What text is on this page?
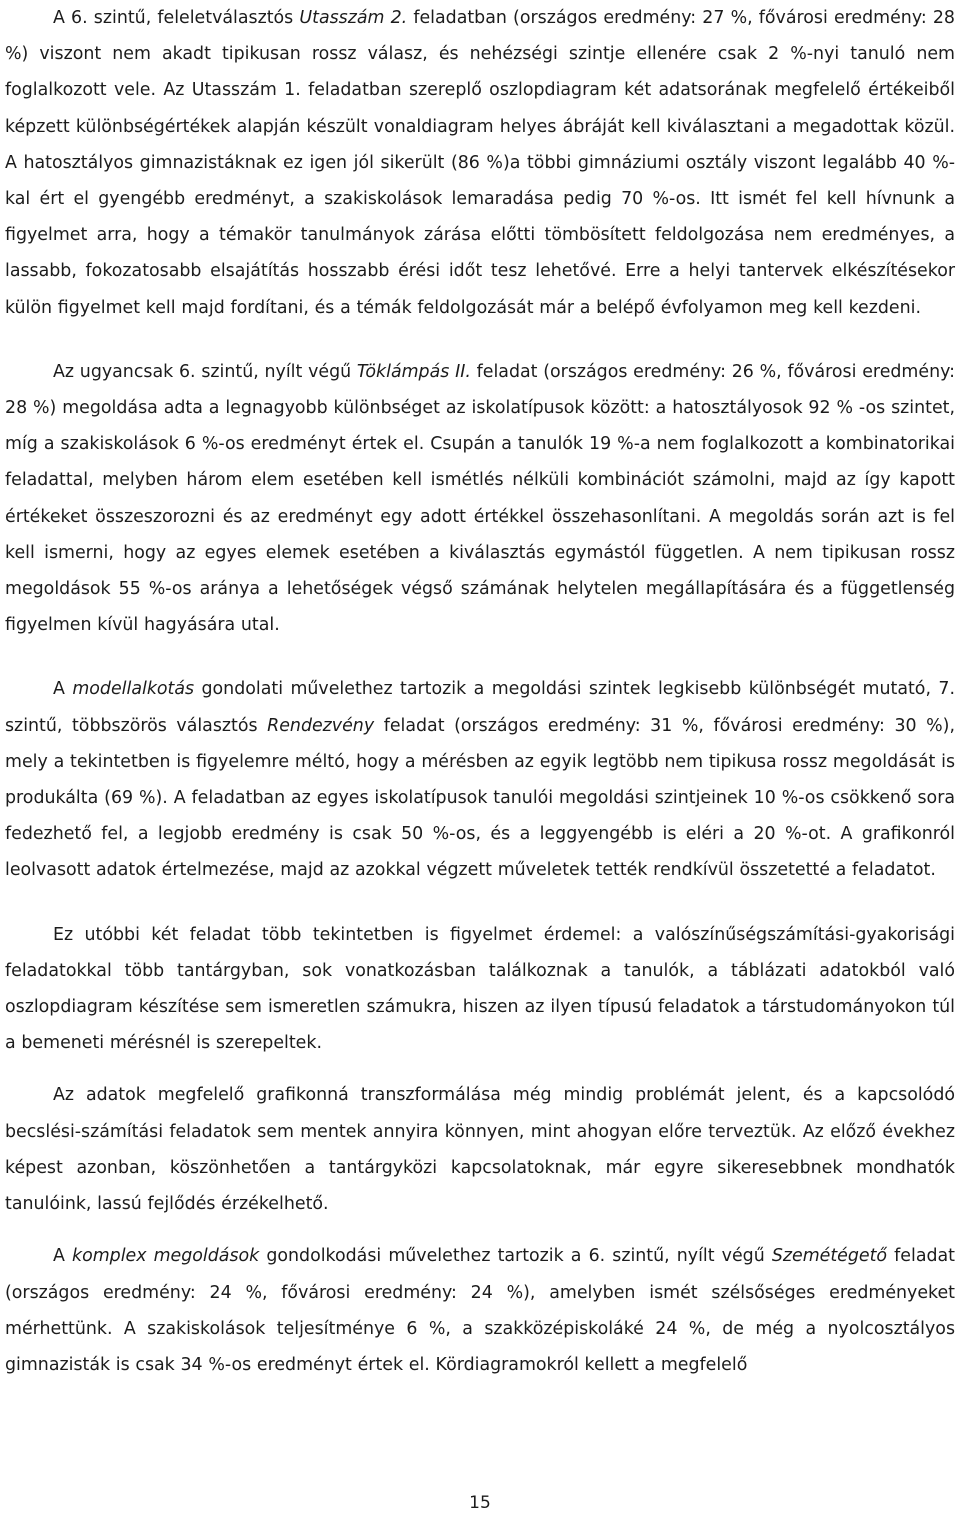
A 6. szintű, feleletválasztós Utasszám 2. feladatban (országos eredmény: 27 %, fővárosi eredmény: 28 %) viszont nem akadt tipikusan rossz válasz, és nehézségi szintje ellenére csak 2 %-nyi tanuló nem foglalkozott vele. Az Utasszám 1. feladatban szereplő oszlopdiagram két adatsorának megfelelő értékeiből képzett különbségértékek alapján készült vonaldiagram helyes ábráját kell kiválasztani a megadottak közül. A hatosztályos gimnazistáknak ez igen jól sikerült (86 %)a többi gimnáziumi osztály viszont legalább 40 %-kal ért el gyengébb eredményt, a szakiskolások lemaradása pedig 70 %-os. Itt ismét fel kell hívnunk a figyelmet arra, hogy a témakör tanulmányok zárása előtti tömbösített feldolgozása nem eredményes, a lassabb, fokozatosabb elsajátítás hosszabb érési időt tesz lehetővé. Erre a helyi tantervek elkészítésekor külön figyelmet kell majd fordítani, és a témák feldolgozását már a belépő évfolyamon meg kell kezdeni.

Az ugyancsak 6. szintű, nyílt végű Töklámpás II. feladat (országos eredmény: 26 %, fővárosi eredmény: 28 %) megoldása adta a legnagyobb különbséget az iskolatípusok között: a hatosztályosok 92 % -os szintet, míg a szakiskolások 6 %-os eredményt értek el. Csupán a tanulók 19 %-a nem foglalkozott a kombinatorikai feladattal, melyben három elem esetében kell ismétlés nélküli kombinációt számolni, majd az így kapott értékeket összeszorozni és az eredményt egy adott értékkel összehasonlítani. A megoldás során azt is fel kell ismerni, hogy az egyes elemek esetében a kiválasztás egymástól független. A nem tipikusan rossz megoldások 55 %-os aránya a lehetőségek végső számának helytelen megállapítására és a függetlenség figyelmen kívül hagyására utal.

A modellalkotás gondolati művelethez tartozik a megoldási szintek legkisebb különbségét mutató, 7. szintű, többszörös választós Rendezvény feladat (országos eredmény: 31 %, fővárosi eredmény: 30 %), mely a tekintetben is figyelemre méltó, hogy a mérésben az egyik legtöbb nem tipikusa rossz megoldását is produkálta (69 %). A feladatban az egyes iskolatípusok tanulói megoldási szintjeinek 10 %-os csökkenő sora fedezhető fel, a legjobb eredmény is csak 50 %-os, és a leggyengébb is eléri a 20 %-ot. A grafikonról leolvasott adatok értelmezése, majd az azokkal végzett műveletek tették rendkívül összetetté a feladatot.

Ez utóbbi két feladat több tekintetben is figyelmet érdemel: a valószínűségszámítási-gyakorisági feladatokkal több tantárgyban, sok vonatkozásban találkoznak a tanulók, a táblázati adatokból való oszlopdiagram készítése sem ismeretlen számukra, hiszen az ilyen típusú feladatok a társtudományokon túl a bemeneti mérésnél is szerepeltek.

Az adatok megfelelő grafikonná transzformálása még mindig problémát jelent, és a kapcsolódó becslési-számítási feladatok sem mentek annyira könnyen, mint ahogyan előre terveztük. Az előző évekhez képest azonban, köszönhetően a tantárgyközi kapcsolatoknak, már egyre sikeresebbnek mondhatók tanulóink, lassú fejlődés érzékelhető.

A komplex megoldások gondolkodási művelethez tartozik a 6. szintű, nyílt végű Szemétégető feladat (országos eredmény: 24 %, fővárosi eredmény: 24 %), amelyben ismét szélsőséges eredményeket mérhettünk. A szakiskolások teljesítménye 6 %, a szakközépiskoláké 24 %, de még a nyolcosztályos gimnazisták is csak 34 %-os eredményt értek el. Kördiagramokról kellett a megfelelő

15
